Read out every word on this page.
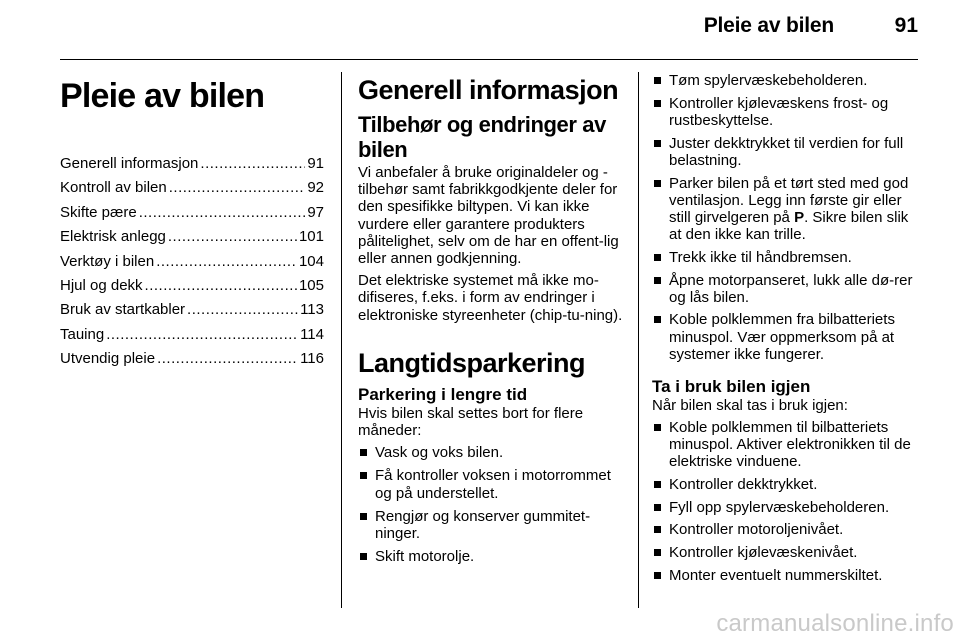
Pleie av bilen	91
Pleie av bilen
Generell informasjon .....	91
Kontroll av bilen .....	92
Skifte pære .....	97
Elektrisk anlegg .....	101
Verktøy i bilen .....	104
Hjul og dekk .....	105
Bruk av startkabler .....	113
Tauing .....	114
Utvendig pleie .....	116
Generell informasjon
Tilbehør og endringer av bilen

Vi anbefaler å bruke originaldeler og -tilbehør samt fabrikkgodkjente deler for den spesifikke biltypen. Vi kan ikke vurdere eller garantere produkters pålitelighet, selv om de har en offent-lig eller annen godkjenning.

Det elektriske systemet må ikke mo-difiseres, f.eks. i form av endringer i elektroniske styreenheter (chip-tu-ning).

Langtidsparkering
Parkering i lengre tid

Hvis bilen skal settes bort for flere måneder:

Vask og voks bilen.
Få kontroller voksen i motorrommet og på understellet.
Rengjør og konserver gummitet-ninger.
Skift motorolje.
Tøm spylervæskebeholderen.
Kontroller kjølevæskens frost- og rustbeskyttelse.
Juster dekktrykket til verdien for full belastning.
Parker bilen på et tørt sted med god ventilasjon. Legg inn første gir eller still girvelgeren på P. Sikre bilen slik at den ikke kan trille.
Trekk ikke til håndbremsen.
Åpne motorpanseret, lukk alle dø-rer og lås bilen.
Koble polklemmen fra bilbatteriets minuspol. Vær oppmerksom på at systemer ikke fungerer.
Ta i bruk bilen igjen

Når bilen skal tas i bruk igjen:

Koble polklemmen til bilbatteriets minuspol. Aktiver elektronikken til de elektriske vinduene.
Kontroller dekktrykket.
Fyll opp spylervæskebeholderen.
Kontroller motoroljenivået.
Kontroller kjølevæskenivået.
Monter eventuelt nummerskiltet.
carmanualsonline.info
